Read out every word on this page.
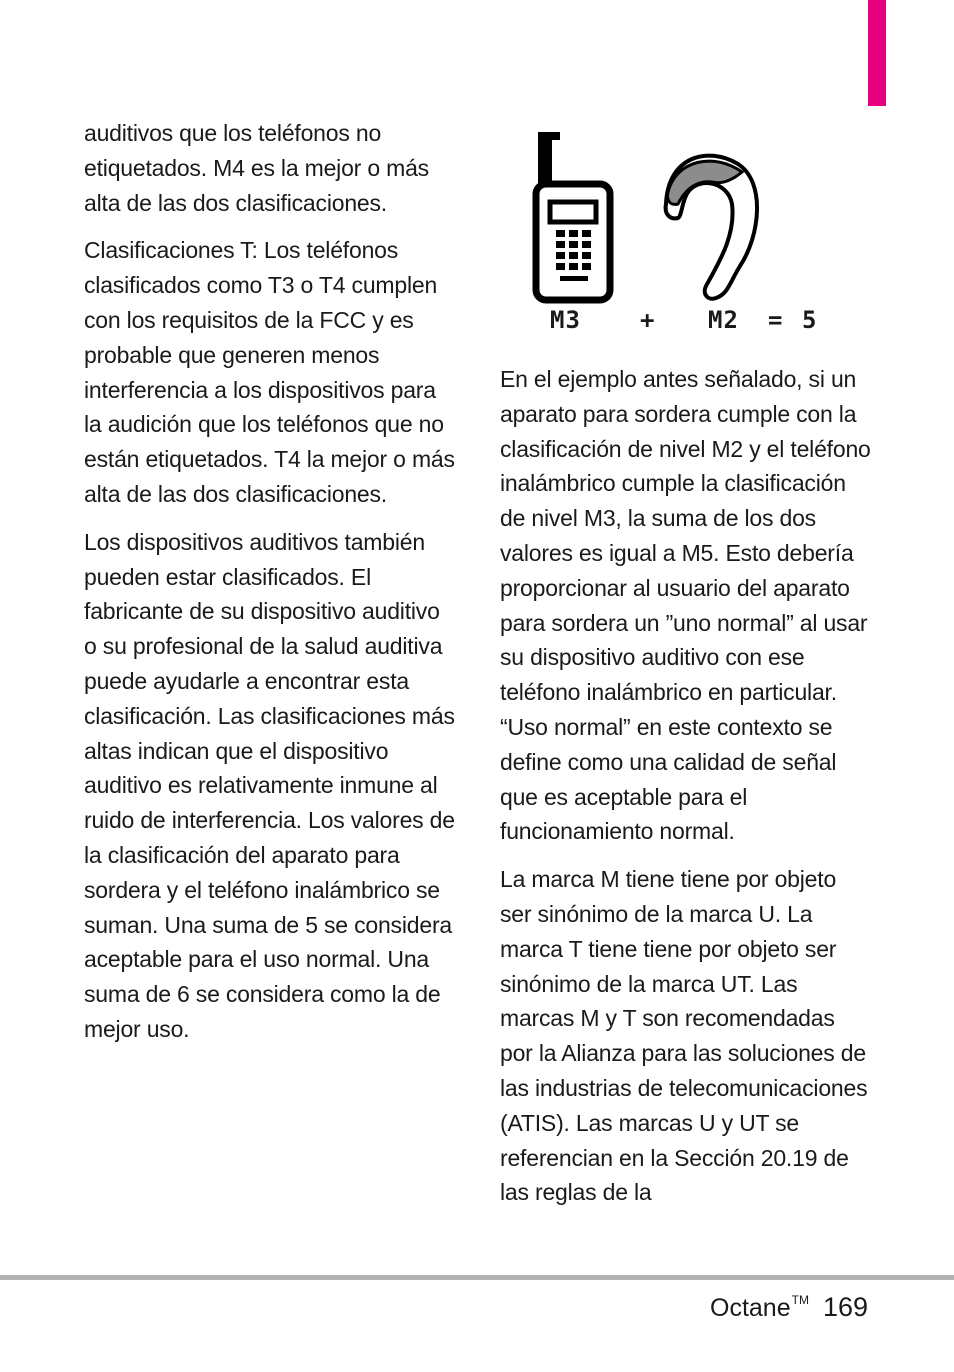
auditivos que los teléfonos no etiquetados. M4 es la mejor o más alta de las dos clasificaciones.

Clasificaciones T: Los teléfonos clasificados como T3 o T4 cumplen con los requisitos de la FCC y es probable que generen menos interferencia a los dispositivos para la audición que los teléfonos que no están etiquetados. T4 la mejor o más alta de las dos clasificaciones.

Los dispositivos auditivos también pueden estar clasificados. El fabricante de su dispositivo auditivo o su profesional de la salud auditiva puede ayudarle a encontrar esta clasificación. Las clasificaciones más altas indican que el dispositivo auditivo es relativamente inmune al ruido de interferencia. Los valores de la clasificación del aparato para sordera y el teléfono inalámbrico se suman. Una suma de 5 se considera aceptable para el uso normal. Una suma de 6 se considera como la de mejor uso.

M3 + M2 = 5

En el ejemplo antes señalado, si un aparato para sordera cumple con la clasificación de nivel M2 y el teléfono inalámbrico cumple la clasificación de nivel M3, la suma de los dos valores es igual a M5. Esto debería proporcionar al usuario del aparato para sordera un ”uno normal” al usar su dispositivo auditivo con ese teléfono inalámbrico en particular. “Uso normal” en este contexto se define como una calidad de señal que es aceptable para el funcionamiento normal.

La marca M tiene tiene por objeto ser sinónimo de la marca U. La marca T tiene tiene por objeto ser sinónimo de la marca UT. Las marcas M y T son recomendadas por la Alianza para las soluciones de las industrias de telecomunicaciones (ATIS). Las marcas U y UT se referencian en la Sección 20.19 de las reglas de la

Octane TM 169
